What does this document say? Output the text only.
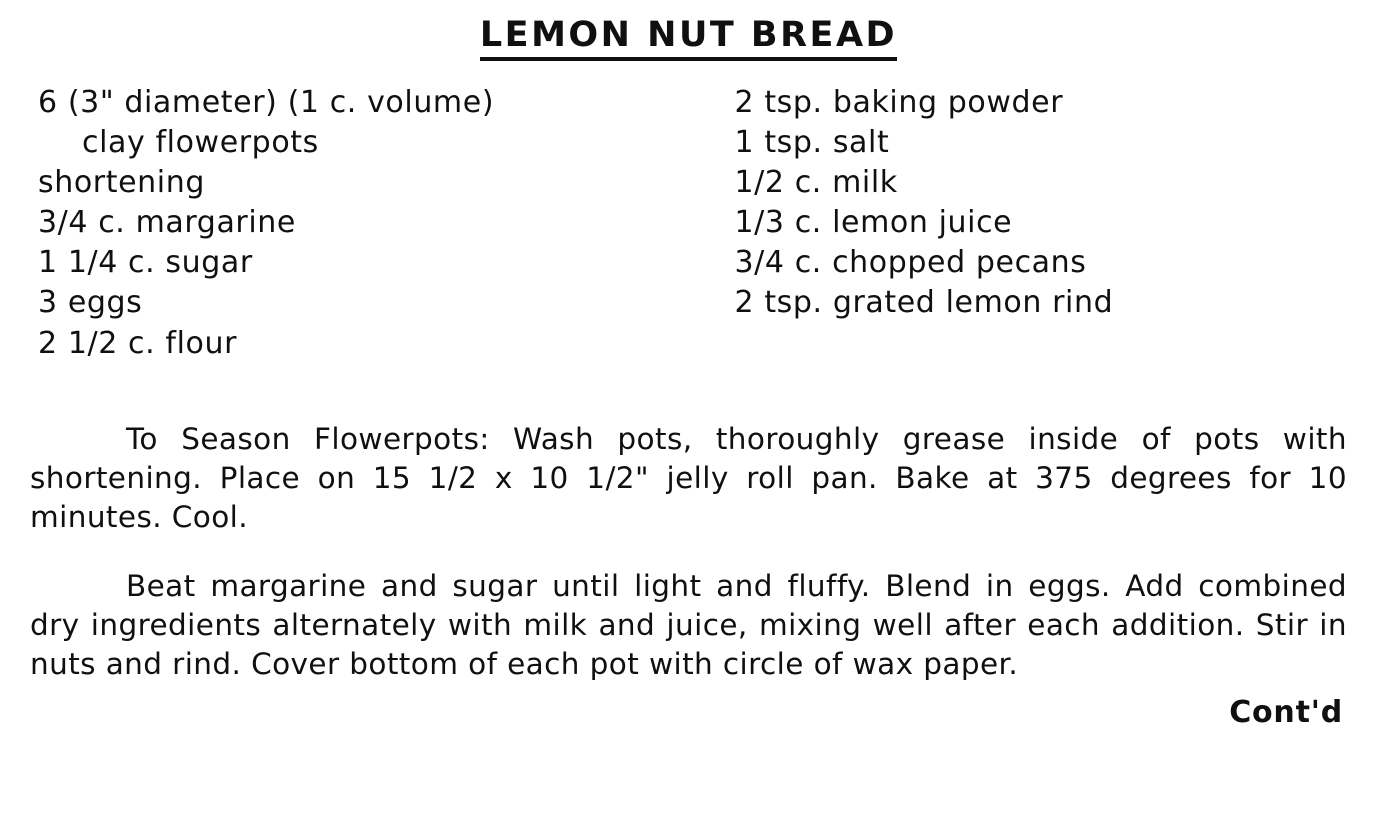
LEMON NUT BREAD
6 (3" diameter) (1 c. volume)
clay flowerpots
shortening
3/4 c. margarine
1 1/4 c. sugar
3 eggs
2 1/2 c. flour
2 tsp. baking powder
1 tsp. salt
1/2 c. milk
1/3 c. lemon juice
3/4 c. chopped pecans
2 tsp. grated lemon rind

To Season Flowerpots: Wash pots, thoroughly grease inside of pots with shortening. Place on 15 1/2 x 10 1/2" jelly roll pan. Bake at 375 degrees for 10 minutes. Cool.

Beat margarine and sugar until light and fluffy. Blend in eggs. Add combined dry ingredients alternately with milk and juice, mixing well after each addition. Stir in nuts and rind. Cover bottom of each pot with circle of wax paper.

Cont'd
